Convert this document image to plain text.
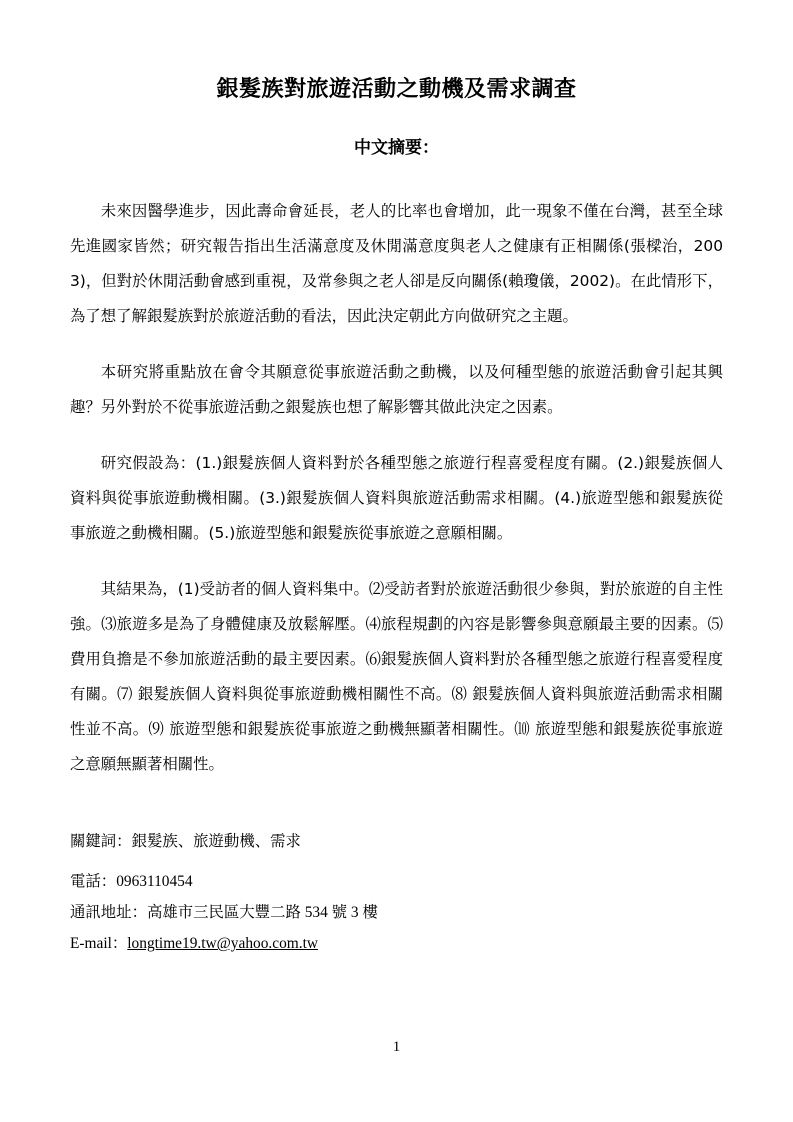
銀髮族對旅遊活動之動機及需求調查
中文摘要：

未來因醫學進步，因此壽命會延長，老人的比率也會增加，此一現象不僅在台灣，甚至全球先進國家皆然；研究報告指出生活滿意度及休閒滿意度與老人之健康有正相關係(張樑治，2003)，但對於休閒活動會感到重視，及常參與之老人卻是反向關係(賴瓊儀，2002)。在此情形下，為了想了解銀髮族對於旅遊活動的看法，因此決定朝此方向做研究之主題。

本研究將重點放在會令其願意從事旅遊活動之動機，以及何種型態的旅遊活動會引起其興趣？另外對於不從事旅遊活動之銀髮族也想了解影響其做此決定之因素。

研究假設為：(1.)銀髮族個人資料對於各種型態之旅遊行程喜愛程度有關。(2.)銀髮族個人資料與從事旅遊動機相關。(3.)銀髮族個人資料與旅遊活動需求相關。(4.)旅遊型態和銀髮族從事旅遊之動機相關。(5.)旅遊型態和銀髮族從事旅遊之意願相關。

其結果為，(1)受訪者的個人資料集中。⑵受訪者對於旅遊活動很少參與，對於旅遊的自主性強。⑶旅遊多是為了身體健康及放鬆解壓。⑷旅程規劃的內容是影響參與意願最主要的因素。⑸費用負擔是不參加旅遊活動的最主要因素。⑹銀髮族個人資料對於各種型態之旅遊行程喜愛程度有關。⑺ 銀髮族個人資料與從事旅遊動機相關性不高。⑻ 銀髮族個人資料與旅遊活動需求相關性並不高。⑼ 旅遊型態和銀髮族從事旅遊之動機無顯著相關性。⑽ 旅遊型態和銀髮族從事旅遊之意願無顯著相關性。

關鍵詞：銀髮族、旅遊動機、需求

電話：0963110454

通訊地址：高雄市三民區大豐二路 534 號 3 樓

E-mail：longtime19.tw@yahoo.com.tw

1
